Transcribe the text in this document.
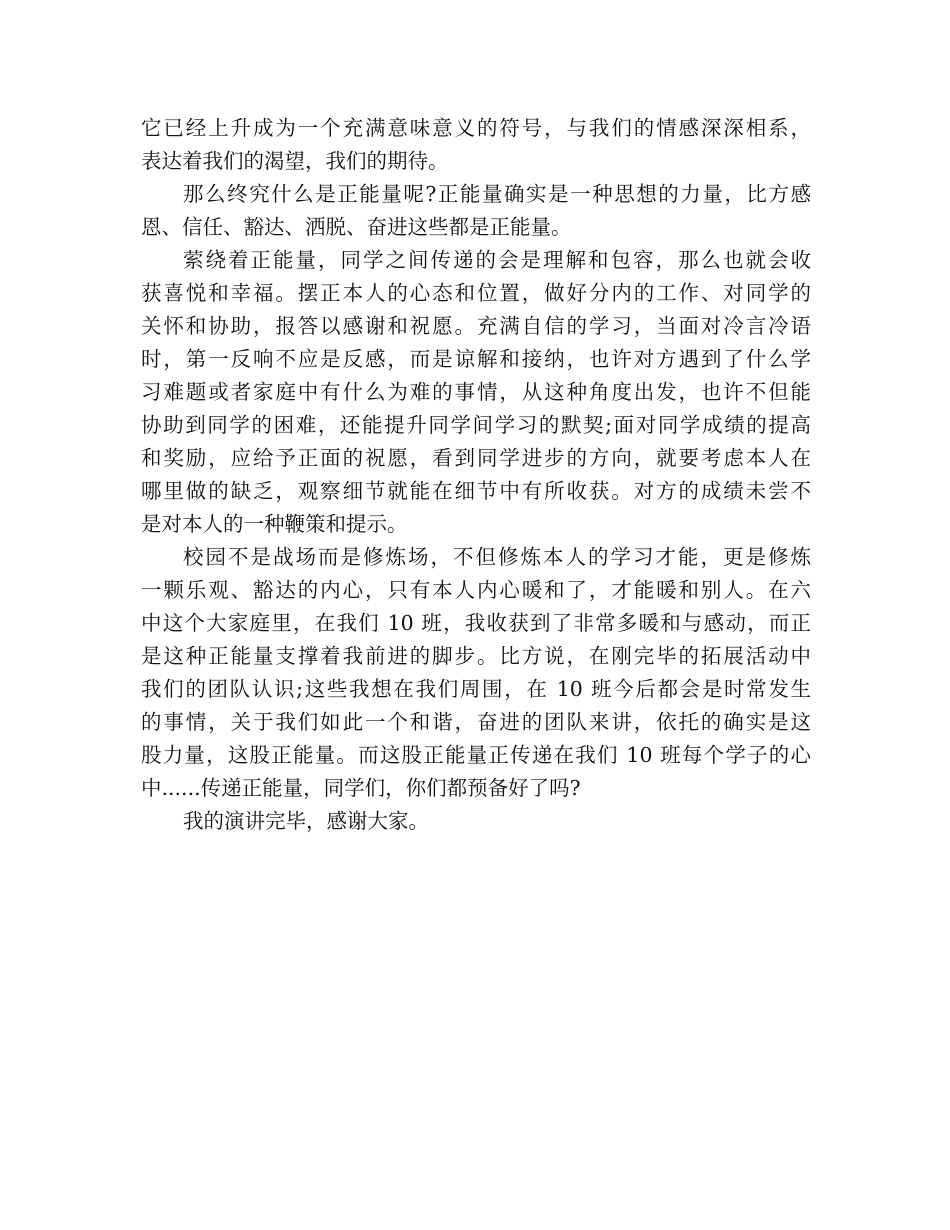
它已经上升成为一个充满意味意义的符号，与我们的情感深深相系，
表达着我们的渴望，我们的期待。
那么终究什么是正能量呢?正能量确实是一种思想的力量，比方感
恩、信任、豁达、洒脱、奋进这些都是正能量。
萦绕着正能量，同学之间传递的会是理解和包容，那么也就会收
获喜悦和幸福。摆正本人的心态和位置，做好分内的工作、对同学的
关怀和协助，报答以感谢和祝愿。充满自信的学习，当面对冷言冷语
时，第一反响不应是反感，而是谅解和接纳，也许对方遇到了什么学
习难题或者家庭中有什么为难的事情，从这种角度出发，也许不但能
协助到同学的困难，还能提升同学间学习的默契;面对同学成绩的提高
和奖励，应给予正面的祝愿，看到同学进步的方向，就要考虑本人在
哪里做的缺乏，观察细节就能在细节中有所收获。对方的成绩未尝不
是对本人的一种鞭策和提示。
校园不是战场而是修炼场，不但修炼本人的学习才能，更是修炼
一颗乐观、豁达的内心，只有本人内心暖和了，才能暖和别人。在六
中这个大家庭里，在我们 10 班，我收获到了非常多暖和与感动，而正
是这种正能量支撑着我前进的脚步。比方说，在刚完毕的拓展活动中
我们的团队认识;这些我想在我们周围，在 10 班今后都会是时常发生
的事情，关于我们如此一个和谐，奋进的团队来讲，依托的确实是这
股力量，这股正能量。而这股正能量正传递在我们 10 班每个学子的心
中......传递正能量，同学们，你们都预备好了吗?
我的演讲完毕，感谢大家。
